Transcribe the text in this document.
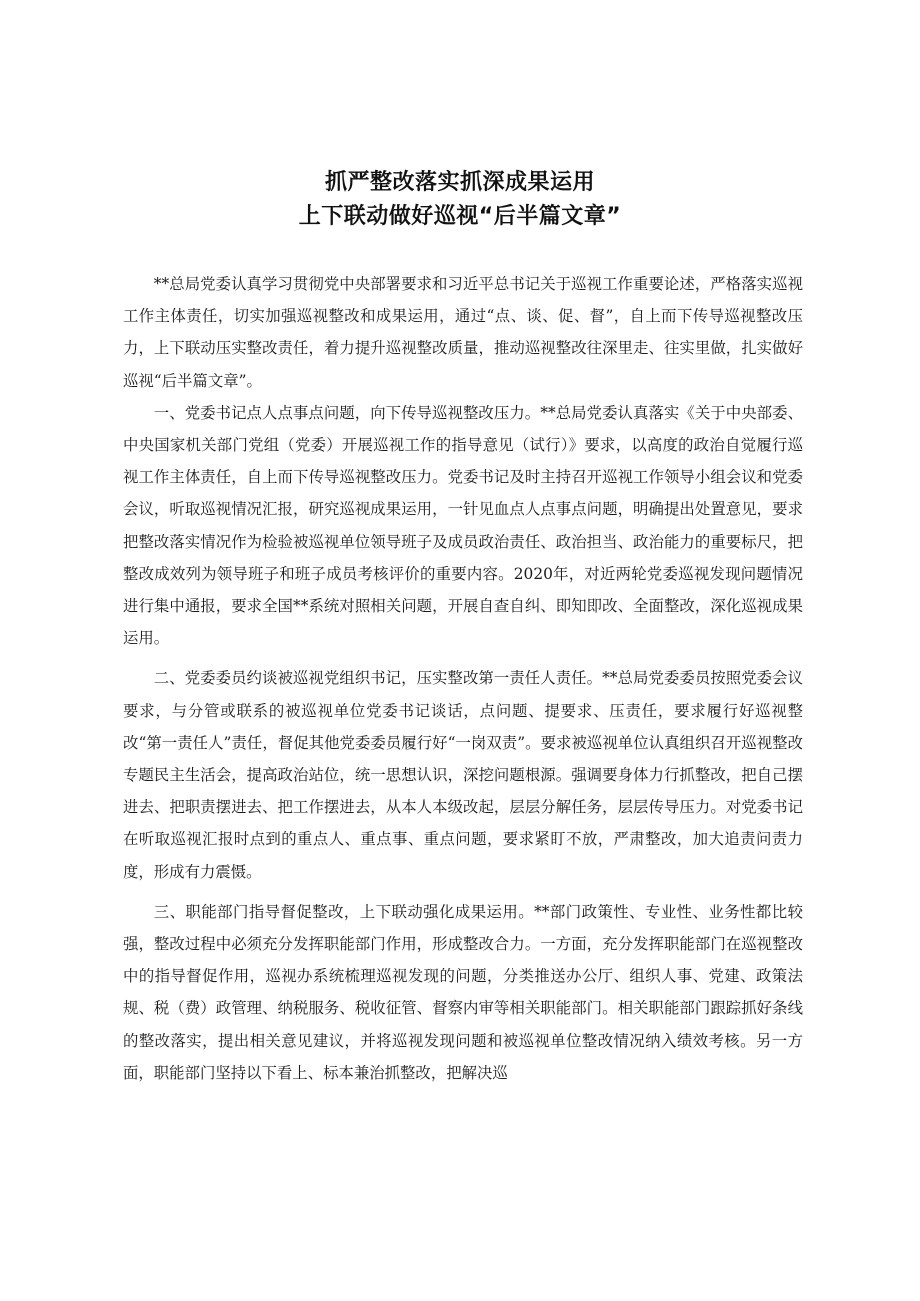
抓严整改落实抓深成果运用
上下联动做好巡视“后半篇文章”

**总局党委认真学习贯彻党中央部署要求和习近平总书记关于巡视工作重要论述，严格落实巡视工作主体责任，切实加强巡视整改和成果运用，通过“点、谈、促、督”，自上而下传导巡视整改压力，上下联动压实整改责任，着力提升巡视整改质量，推动巡视整改往深里走、往实里做，扎实做好巡视“后半篇文章”。

一、党委书记点人点事点问题，向下传导巡视整改压力。**总局党委认真落实《关于中央部委、中央国家机关部门党组（党委）开展巡视工作的指导意见（试行）》要求，以高度的政治自觉履行巡视工作主体责任，自上而下传导巡视整改压力。党委书记及时主持召开巡视工作领导小组会议和党委会议，听取巡视情况汇报，研究巡视成果运用，一针见血点人点事点问题，明确提出处置意见，要求把整改落实情况作为检验被巡视单位领导班子及成员政治责任、政治担当、政治能力的重要标尺，把整改成效列为领导班子和班子成员考核评价的重要内容。2020年，对近两轮党委巡视发现问题情况进行集中通报，要求全国**系统对照相关问题，开展自查自纠、即知即改、全面整改，深化巡视成果运用。

二、党委委员约谈被巡视党组织书记，压实整改第一责任人责任。**总局党委委员按照党委会议要求，与分管或联系的被巡视单位党委书记谈话，点问题、提要求、压责任，要求履行好巡视整改“第一责任人”责任，督促其他党委委员履行好“一岗双责”。要求被巡视单位认真组织召开巡视整改专题民主生活会，提高政治站位，统一思想认识，深挖问题根源。强调要身体力行抓整改，把自己摆进去、把职责摆进去、把工作摆进去，从本人本级改起，层层分解任务，层层传导压力。对党委书记在听取巡视汇报时点到的重点人、重点事、重点问题，要求紧盯不放，严肃整改，加大追责问责力度，形成有力震慑。

三、职能部门指导督促整改，上下联动强化成果运用。**部门政策性、专业性、业务性都比较强，整改过程中必须充分发挥职能部门作用，形成整改合力。一方面，充分发挥职能部门在巡视整改中的指导督促作用，巡视办系统梳理巡视发现的问题，分类推送办公厅、组织人事、党建、政策法规、税（费）政管理、纳税服务、税收征管、督察内审等相关职能部门。相关职能部门跟踪抓好条线的整改落实，提出相关意见建议，并将巡视发现问题和被巡视单位整改情况纳入绩效考核。另一方面，职能部门坚持以下看上、标本兼治抓整改，把解决巡
